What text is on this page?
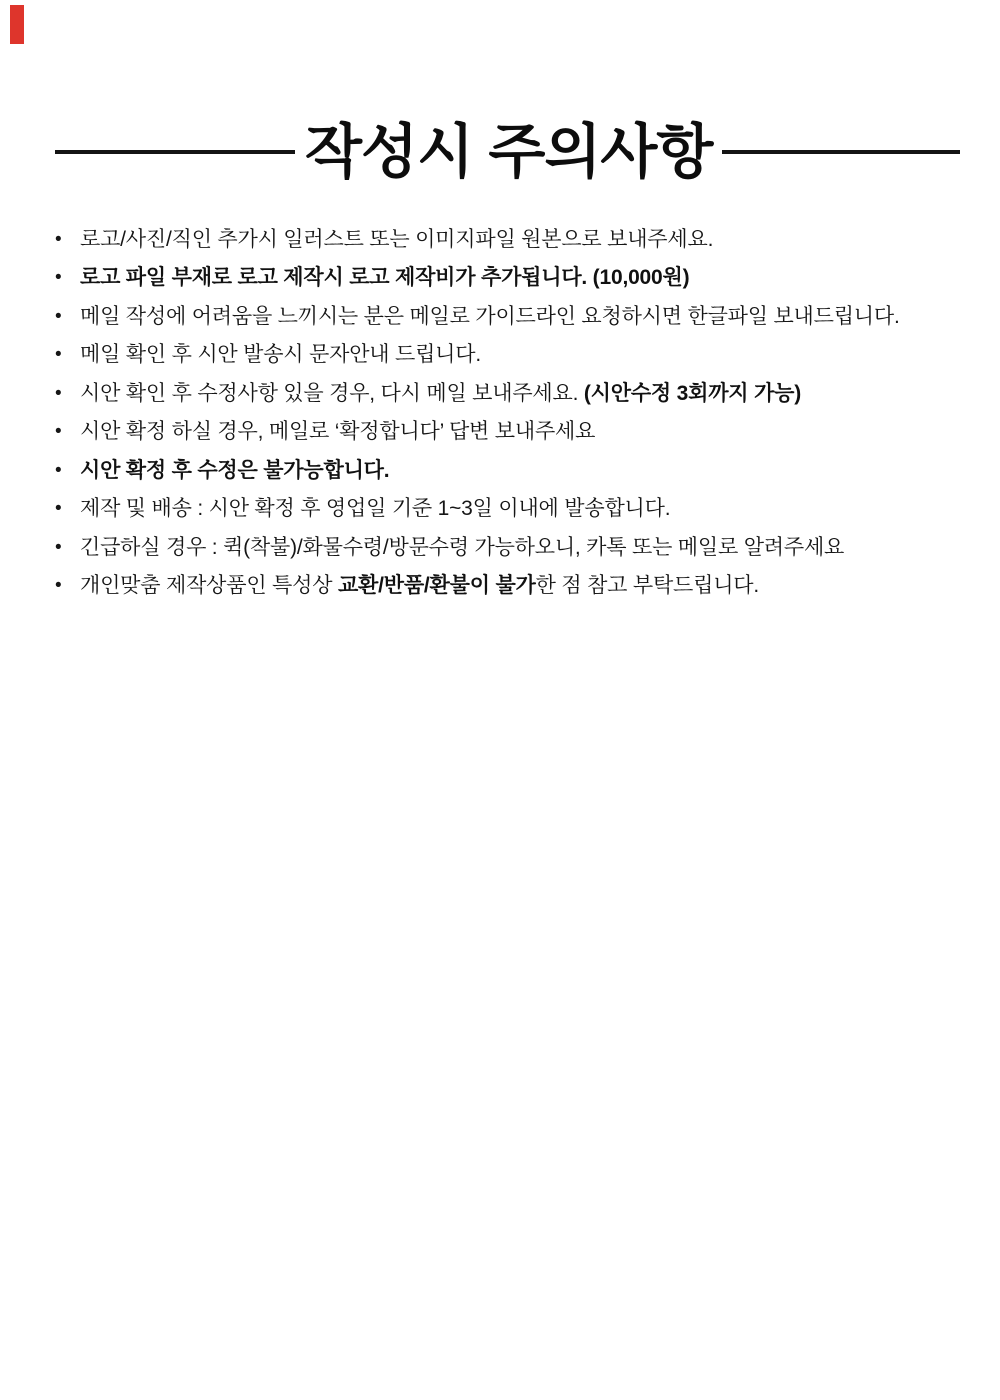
작성시 주의사항
• 로고/사진/직인 추가시 일러스트 또는 이미지파일 원본으로 보내주세요.
• 로고 파일 부재로 로고 제작시 로고 제작비가 추가됩니다. (10,000원)
• 메일 작성에 어려움을 느끼시는 분은 메일로 가이드라인 요청하시면 한글파일 보내드립니다.
• 메일 확인 후 시안 발송시 문자안내 드립니다.
• 시안 확인 후 수정사항 있을 경우, 다시 메일 보내주세요. (시안수정 3회까지 가능)
• 시안 확정 하실 경우, 메일로 ‘확정합니다’ 답변 보내주세요
• 시안 확정 후 수정은 불가능합니다.
• 제작 및 배송 : 시안 확정 후 영업일 기준 1~3일 이내에 발송합니다.
• 긴급하실 경우 : 퀵(착불)/화물수령/방문수령 가능하오니, 카톡 또는 메일로 알려주세요
• 개인맞춤 제작상품인 특성상 교환/반품/환불이 불가한 점 참고 부탁드립니다.
